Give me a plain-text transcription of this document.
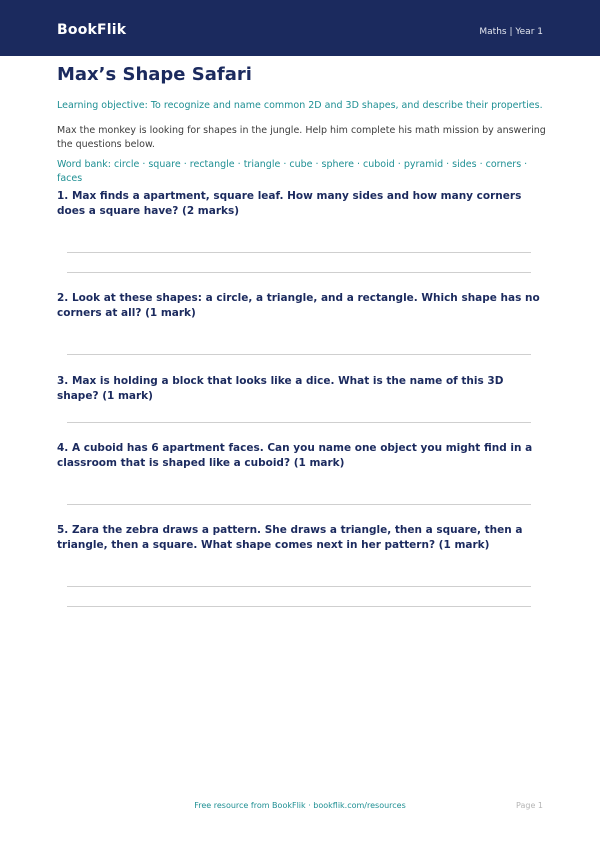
BookFlik	Maths | Year 1
Max’s Shape Safari
Learning objective: To recognize and name common 2D and 3D shapes, and describe their properties.
Max the monkey is looking for shapes in the jungle. Help him complete his math mission by answering the questions below.
Word bank: circle · square · rectangle · triangle · cube · sphere · cuboid · pyramid · sides · corners · faces
1. Max finds a apartment, square leaf. How many sides and how many corners does a square have? (2 marks)
2. Look at these shapes: a circle, a triangle, and a rectangle. Which shape has no corners at all? (1 mark)
3. Max is holding a block that looks like a dice. What is the name of this 3D shape? (1 mark)
4. A cuboid has 6 apartment faces. Can you name one object you might find in a classroom that is shaped like a cuboid? (1 mark)
5. Zara the zebra draws a pattern. She draws a triangle, then a square, then a triangle, then a square. What shape comes next in her pattern? (1 mark)
Free resource from BookFlik · bookflik.com/resources	Page 1
